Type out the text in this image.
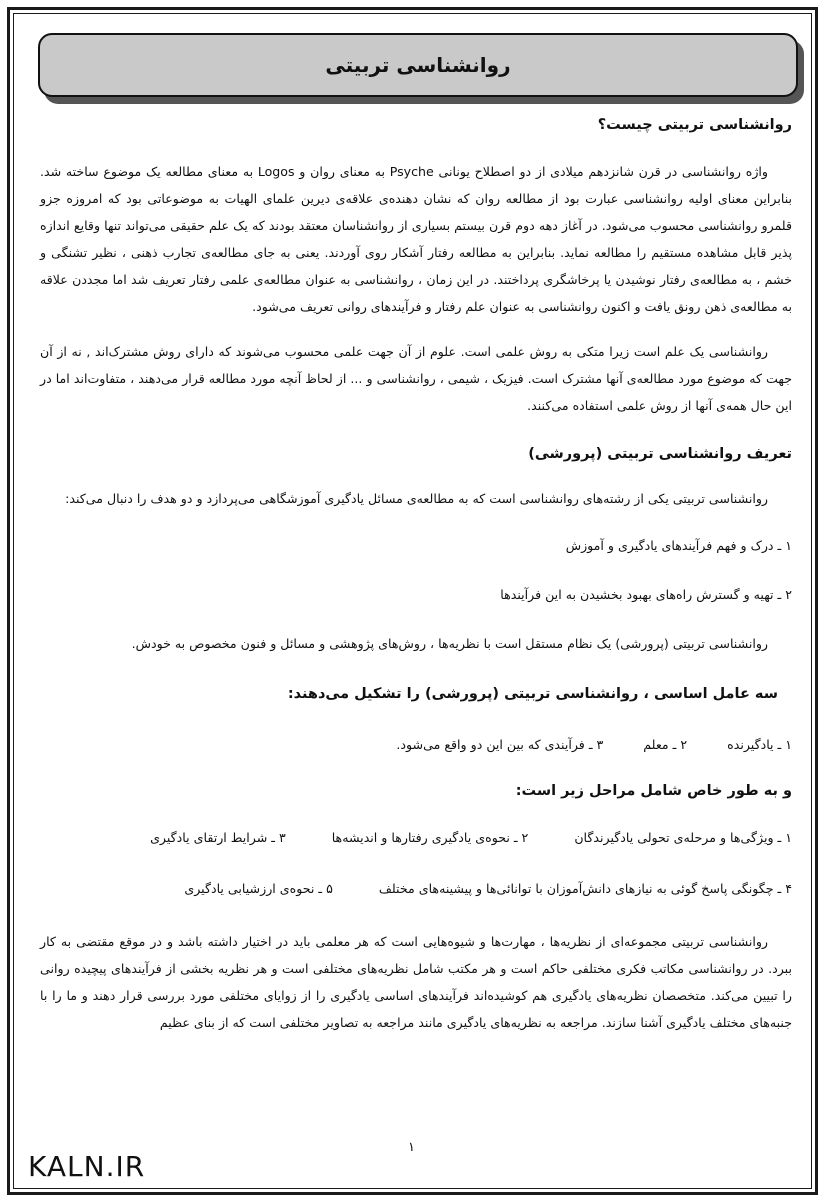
روانشناسی تربیتی

روانشناسی تربیتی چیست؟

واژه روانشناسی در قرن شانزدهم میلادی از دو اصطلاح یونانی Psyche به معنای روان و Logos به معنای مطالعه یک موضوع ساخته شد. بنابراین معنای اولیه روانشناسی عبارت بود از مطالعه روان که نشان دهنده‌ی علاقه‌ی دیرین علمای الهیات به موضوعاتی بود که امروزه جزو قلمرو روانشناسی محسوب می‌شود. در آغاز دهه دوم قرن بیستم بسیاری از روانشناسان معتقد بودند که یک علم حقیقی می‌تواند تنها وقایع اندازه پذیر قابل مشاهده مستقیم را مطالعه نماید. بنابراین به مطالعه رفتار آشکار روی آوردند. یعنی به جای مطالعه‌ی تجارب ذهنی ، نظیر تشنگی و خشم ، به مطالعه‌ی رفتار نوشیدن یا پرخاشگری پرداختند. در این زمان ، روانشناسی به عنوان مطالعه‌ی علمی رفتار تعریف شد اما مجددن علاقه به مطالعه‌ی ذهن رونق یافت و اکنون روانشناسی به عنوان علم رفتار و فرآیندهای روانی تعریف می‌شود.

روانشناسی یک علم است زیرا متکی به روش علمی است. علوم از آن جهت علمی محسوب می‌شوند که دارای روش مشترک‌اند , نه از آن جهت که موضوع مورد مطالعه‌ی آنها مشترک است. فیزیک ، شیمی ، روانشناسی و ... از لحاظ آنچه مورد مطالعه قرار می‌دهند ، متفاوت‌اند اما در این حال همه‌ی آنها از روش علمی استفاده می‌کنند.

تعریف روانشناسی تربیتی (پرورشی)

روانشناسی تربیتی یکی از رشته‌های روانشناسی است که به مطالعه‌ی مسائل یادگیری آموزشگاهی می‌پردازد و دو هدف را دنبال می‌کند:

۱ ـ درک و فهم فرآیندهای یادگیری و آموزش

۲ ـ تهیه و گسترش راه‌های بهبود بخشیدن به این فرآیندها

روانشناسی تربیتی (پرورشی) یک نظام مستقل است با نظریه‌ها ، روش‌های پژوهشی و مسائل و فنون مخصوص به خودش.

سه عامل اساسی ، روانشناسی تربیتی (پرورشی) را تشکیل می‌دهند:

۱ ـ یادگیرنده
۲ ـ معلم
۳ ـ فرآیندی که بین این دو واقع می‌شود.

و به طور خاص شامل مراحل زیر است:

۱ ـ ویژگی‌ها و مرحله‌ی تحولی یادگیرندگان
۲ ـ نحوه‌ی یادگیری رفتارها و اندیشه‌ها
۳ ـ شرایط ارتقای یادگیری
۴ ـ چگونگی پاسخ گوئی به نیازهای دانش‌آموزان با توانائی‌ها و پیشینه‌های مختلف
۵ ـ نحوه‌ی ارزشیابی یادگیری

روانشناسی تربیتی مجموعه‌ای از نظریه‌ها ، مهارت‌ها و شیوه‌هایی است که هر معلمی باید در اختیار داشته باشد و در موقع مقتضی به کار ببرد. در روانشناسی مکاتب فکری مختلفی حاکم است و هر مکتب شامل نظریه‌های مختلفی است و هر نظریه بخشی از فرآیندهای پیچیده روانی را تبیین می‌کند. متخصصان نظریه‌های یادگیری هم کوشیده‌اند فرآیندهای اساسی یادگیری را از زوایای مختلفی مورد بررسی قرار دهند و ما را با جنبه‌های مختلف یادگیری آشنا سازند. مراجعه به نظریه‌های یادگیری مانند مراجعه به تصاویر مختلفی است که از بنای عظیم

۱
KALN.IR
